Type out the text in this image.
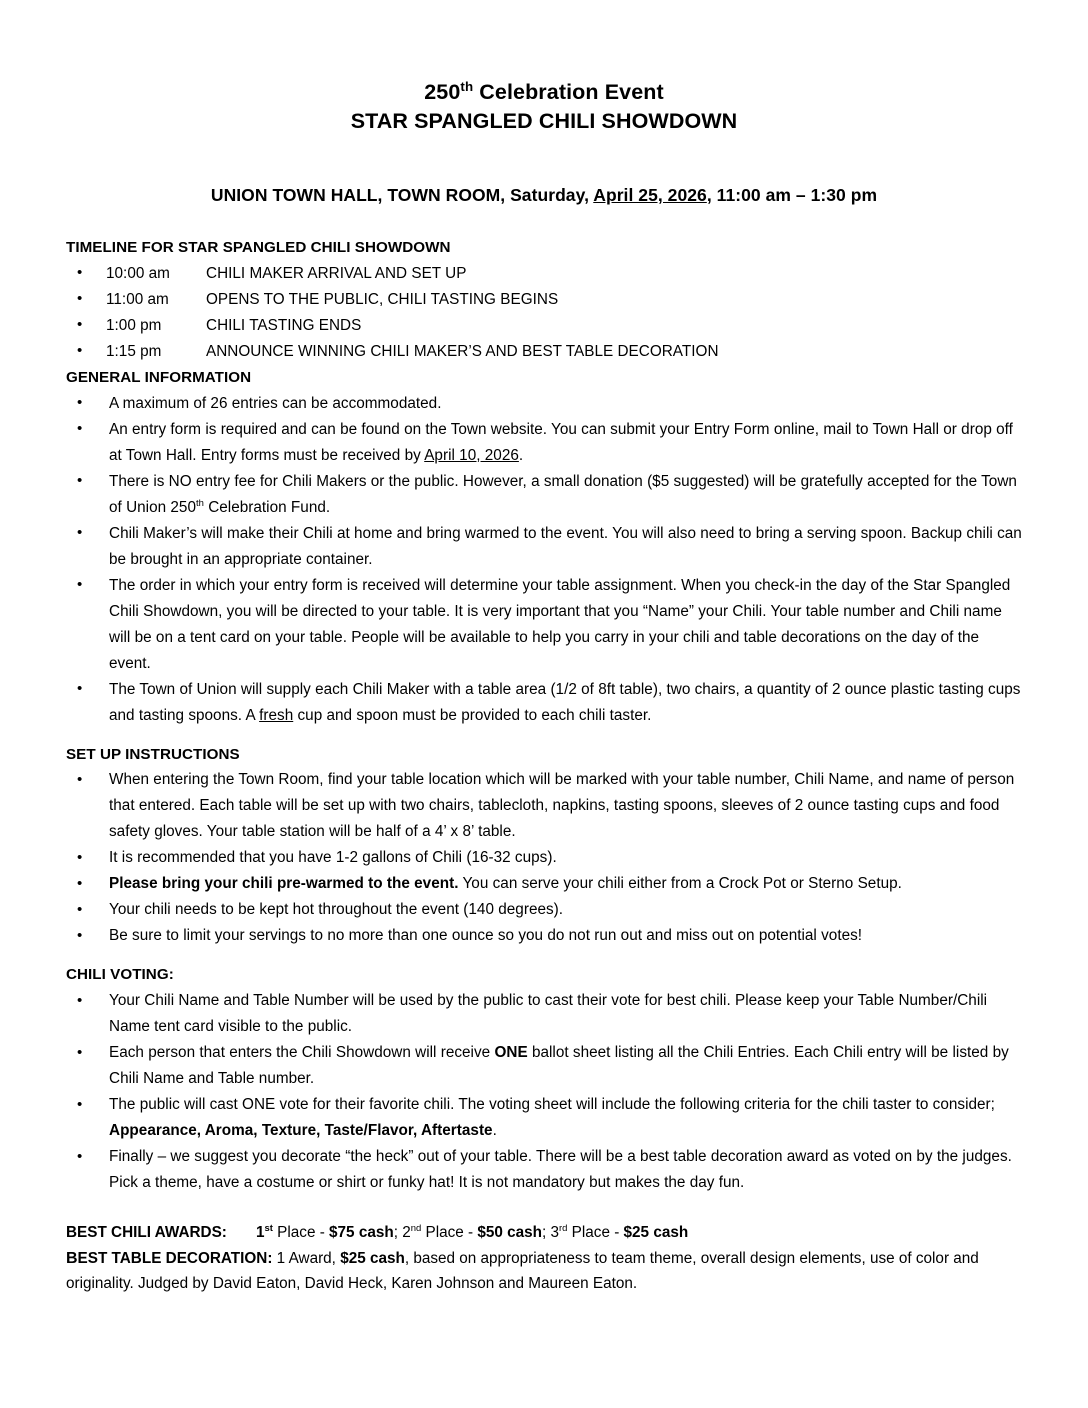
250th Celebration Event
STAR SPANGLED CHILI SHOWDOWN
UNION TOWN HALL, TOWN ROOM, Saturday, April 25, 2026, 11:00 am – 1:30 pm
TIMELINE FOR STAR SPANGLED CHILI SHOWDOWN
• 10:00 am CHILI MAKER ARRIVAL AND SET UP
• 11:00 am OPENS TO THE PUBLIC, CHILI TASTING BEGINS
• 1:00 pm	CHILI TASTING ENDS
• 1:15 pm	ANNOUNCE WINNING CHILI MAKER’S AND BEST TABLE DECORATION
GENERAL INFORMATION
• A maximum of 26 entries can be accommodated.
• An entry form is required and can be found on the Town website. You can submit your Entry Form online, mail to Town Hall or drop off at Town Hall. Entry forms must be received by April 10, 2026.
• There is NO entry fee for Chili Makers or the public. However, a small donation ($5 suggested) will be gratefully accepted for the Town of Union 250th Celebration Fund.
• Chili Maker’s will make their Chili at home and bring warmed to the event. You will also need to bring a serving spoon. Backup chili can be brought in an appropriate container.
• The order in which your entry form is received will determine your table assignment. When you check-in the day of the Star Spangled Chili Showdown, you will be directed to your table. It is very important that you “Name” your Chili. Your table number and Chili name will be on a tent card on your table. People will be available to help you carry in your chili and table decorations on the day of the event.
• The Town of Union will supply each Chili Maker with a table area (1/2 of 8ft table), two chairs, a quantity of 2 ounce plastic tasting cups and tasting spoons. A fresh cup and spoon must be provided to each chili taster.
SET UP INSTRUCTIONS
• When entering the Town Room, find your table location which will be marked with your table number, Chili Name, and name of person that entered. Each table will be set up with two chairs, tablecloth, napkins, tasting spoons, sleeves of 2 ounce tasting cups and food safety gloves. Your table station will be half of a 4’ x 8’ table.
• It is recommended that you have 1-2 gallons of Chili (16-32 cups).
• Please bring your chili pre-warmed to the event. You can serve your chili either from a Crock Pot or Sterno Setup.
• Your chili needs to be kept hot throughout the event (140 degrees).
• Be sure to limit your servings to no more than one ounce so you do not run out and miss out on potential votes!
CHILI VOTING:
• Your Chili Name and Table Number will be used by the public to cast their vote for best chili. Please keep your Table Number/Chili Name tent card visible to the public.
• Each person that enters the Chili Showdown will receive ONE ballot sheet listing all the Chili Entries. Each Chili entry will be listed by Chili Name and Table number.
• The public will cast ONE vote for their favorite chili. The voting sheet will include the following criteria for the chili taster to consider; Appearance, Aroma, Texture, Taste/Flavor, Aftertaste.
• Finally – we suggest you decorate “the heck” out of your table. There will be a best table decoration award as voted on by the judges. Pick a theme, have a costume or shirt or funky hat! It is not mandatory but makes the day fun.
BEST CHILI AWARDS: 1st Place - $75 cash; 2nd Place - $50 cash; 3rd Place - $25 cash
BEST TABLE DECORATION: 1 Award, $25 cash, based on appropriateness to team theme, overall design elements, use of color and originality. Judged by David Eaton, David Heck, Karen Johnson and Maureen Eaton.
